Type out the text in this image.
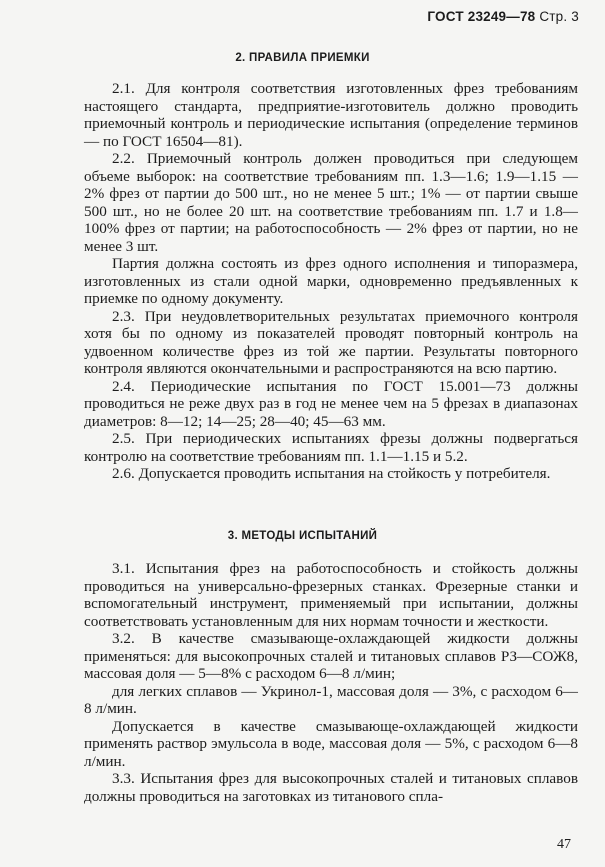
ГОСТ 23249—78 Стр. 3
2. ПРАВИЛА ПРИЕМКИ

2.1. Для контроля соответствия изготовленных фрез требованиям настоящего стандарта, предприятие-изготовитель должно проводить приемочный контроль и периодические испытания (определение терминов — по ГОСТ 16504—81).

2.2. Приемочный контроль должен проводиться при следующем объеме выборок: на соответствие требованиям пп. 1.3—1.6; 1.9—1.15 — 2% фрез от партии до 500 шт., но не менее 5 шт.; 1% — от партии свыше 500 шт., но не более 20 шт. на соответствие требованиям пп. 1.7 и 1.8—100% фрез от партии; на работоспособность — 2% фрез от партии, но не менее 3 шт.

Партия должна состоять из фрез одного исполнения и типоразмера, изготовленных из стали одной марки, одновременно предъявленных к приемке по одному документу.

2.3. При неудовлетворительных результатах приемочного контроля хотя бы по одному из показателей проводят повторный контроль на удвоенном количестве фрез из той же партии. Результаты повторного контроля являются окончательными и распространяются на всю партию.

2.4. Периодические испытания по ГОСТ 15.001—73 должны проводиться не реже двух раз в год не менее чем на 5 фрезах в диапазонах диаметров: 8—12; 14—25; 28—40; 45—63 мм.

2.5. При периодических испытаниях фрезы должны подвергаться контролю на соответствие требованиям пп. 1.1—1.15 и 5.2.

2.6. Допускается проводить испытания на стойкость у потребителя.

3. МЕТОДЫ ИСПЫТАНИЙ

3.1. Испытания фрез на работоспособность и стойкость должны проводиться на универсально-фрезерных станках. Фрезерные станки и вспомогательный инструмент, применяемый при испытании, должны соответствовать установленным для них нормам точности и жесткости.

3.2. В качестве смазывающе-охлаждающей жидкости должны применяться: для высокопрочных сталей и титановых сплавов РЗ—СОЖ8, массовая доля — 5—8% с расходом 6—8 л/мин;

для легких сплавов — Укринол-1, массовая доля — 3%, с расходом 6—8 л/мин.

Допускается в качестве смазывающе-охлаждающей жидкости применять раствор эмульсола в воде, массовая доля — 5%, с расходом 6—8 л/мин.

3.3. Испытания фрез для высокопрочных сталей и титановых сплавов должны проводиться на заготовках из титанового спла-

47
